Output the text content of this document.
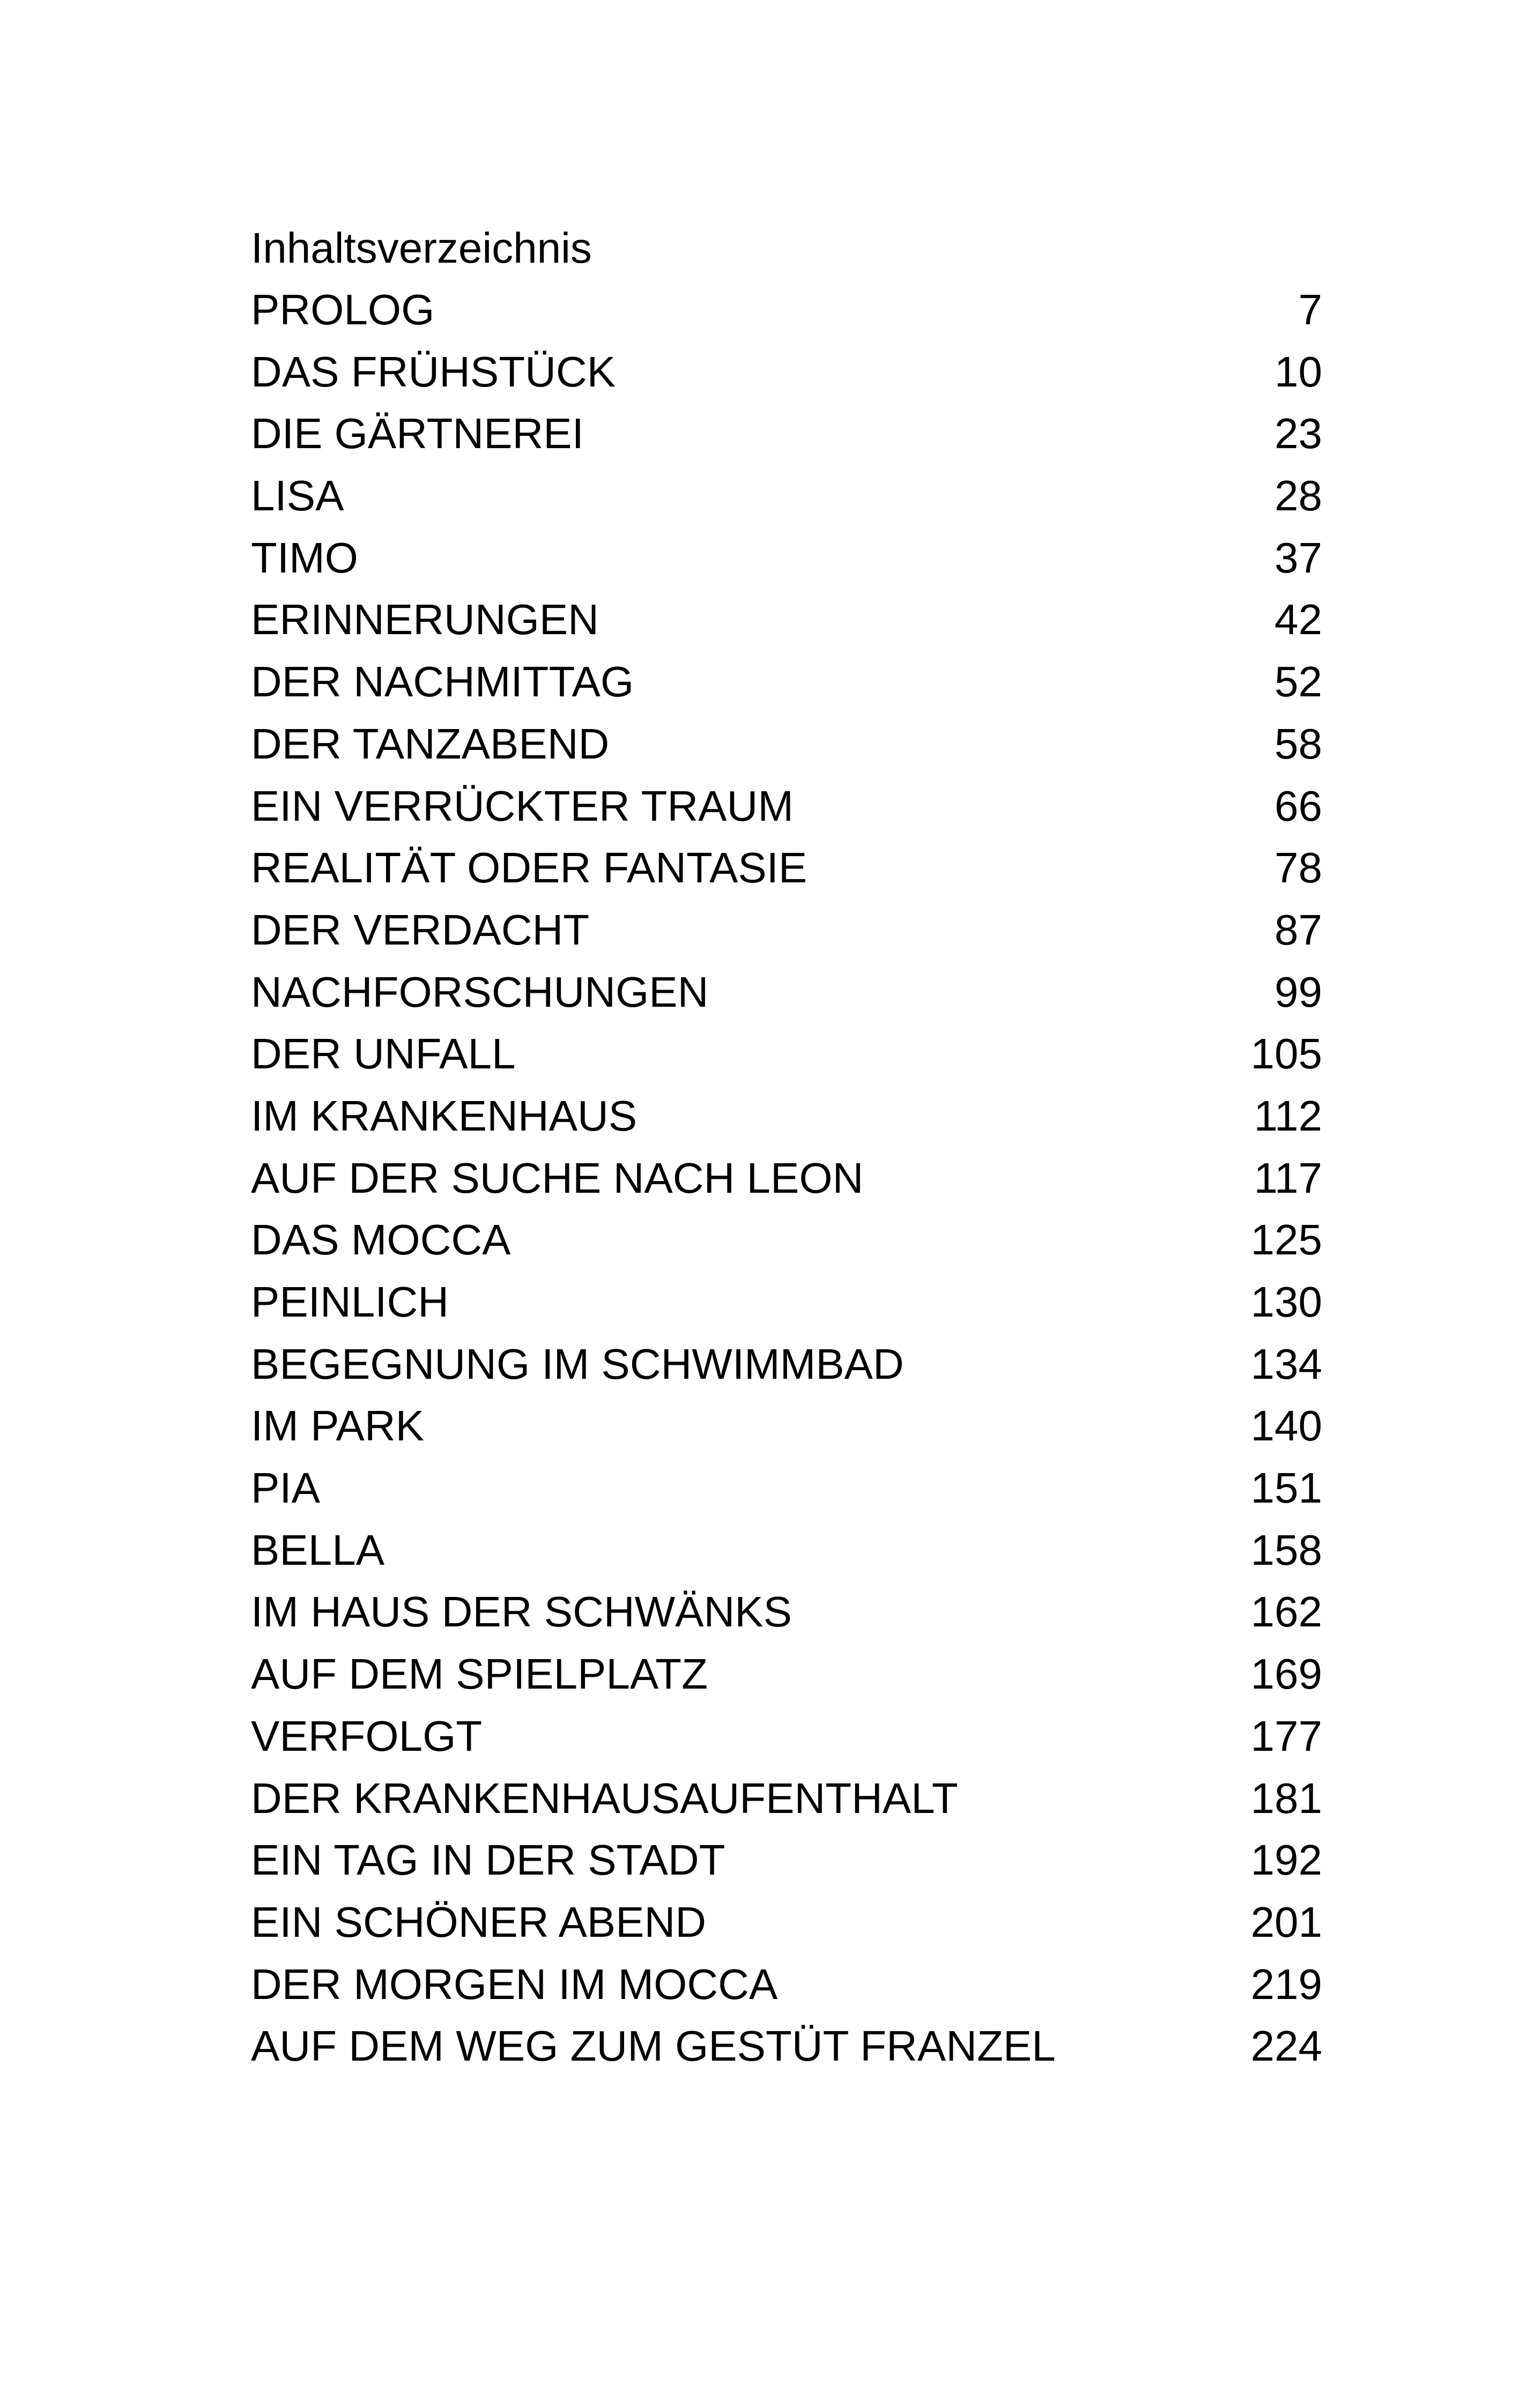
Inhaltsverzeichnis
PROLOG	7
DAS FRÜHSTÜCK	10
DIE GÄRTNEREI	23
LISA	28
TIMO	37
ERINNERUNGEN	42
DER NACHMITTAG	52
DER TANZABEND	58
EIN VERRÜCKTER TRAUM	66
REALITÄT ODER FANTASIE	78
DER VERDACHT	87
NACHFORSCHUNGEN	99
DER UNFALL	105
IM KRANKENHAUS	112
AUF DER SUCHE NACH LEON	117
DAS MOCCA	125
PEINLICH	130
BEGEGNUNG IM SCHWIMMBAD	134
IM PARK	140
PIA	151
BELLA	158
IM HAUS DER SCHWÄNKS	162
AUF DEM SPIELPLATZ	169
VERFOLGT	177
DER KRANKENHAUSAUFENTHALT	181
EIN TAG IN DER STADT	192
EIN SCHÖNER ABEND	201
DER MORGEN IM MOCCA	219
AUF DEM WEG ZUM GESTÜT FRANZEL	224
